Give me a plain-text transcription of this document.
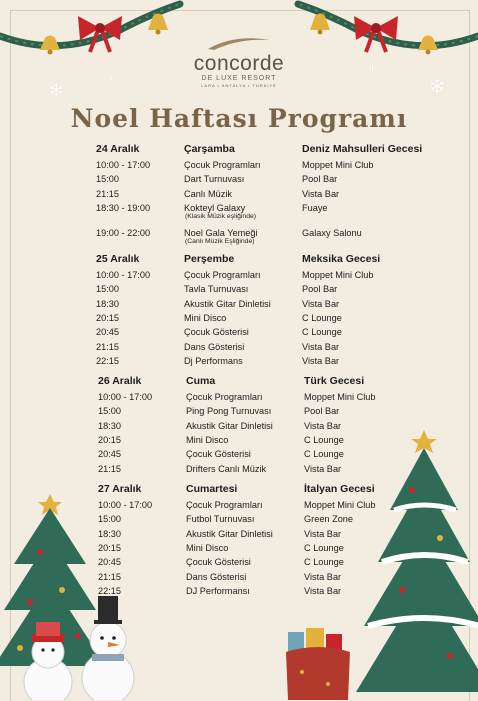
❄
❄	❄
❄
❄
concorde
DE LUXE RESORT
LARA • ANTALYA • TÜRKİYE
Noel Haftası Programı
24 Aralık	Çarşamba	Deniz Mahsulleri Gecesi
10:00 - 17:00	Çocuk Programları	Moppet Mini Club
15:00	Dart Turnuvası	Pool Bar
21:15	Canlı Müzik	Vista Bar
18:30 - 19:00	Kokteyl Galaxy	Fuaye
(Klasik Müzik eşliğinde)
19:00 - 22:00	Noel Gala Yemeği	Galaxy Salonu
(Canlı Müzik Eşliğinde)
25 Aralık	Perşembe	Meksika Gecesi
10:00 - 17:00	Çocuk Programları	Moppet Mini Club
15:00	Tavla Turnuvası	Pool Bar
18:30	Akustik Gitar Dinletisi	Vista Bar
20:15	Mini Disco	C Lounge
20:45	Çocuk Gösterisi	C Lounge
21:15	Dans Gösterisi	Vista Bar
22:15	Dj Performans	Vista Bar
26 Aralık	Cuma	Türk Gecesi
10:00 - 17:00	Çocuk Programları	Moppet Mini Club
15:00	Ping Pong Turnuvası	Pool Bar
18:30	Akustik Gitar Dinletisi	Vista Bar
20:15	Mini Disco	C Lounge
20:45	Çocuk Gösterisi	C Lounge
21:15	Drifters Canlı Müzik	Vista Bar
27 Aralık	Cumartesi	İtalyan Gecesi
10:00 - 17:00	Çocuk Programları	Moppet Mini Club
15:00	Futbol Turnuvası	Green Zone
18:30	Akustik Gitar Dinletisi	Vista Bar
20:15	Mini Disco	C Lounge
20:45	Çocuk Gösterisi	C Lounge
21:15	Dans Gösterisi	Vista Bar
22:15	DJ Performansı	Vista Bar
